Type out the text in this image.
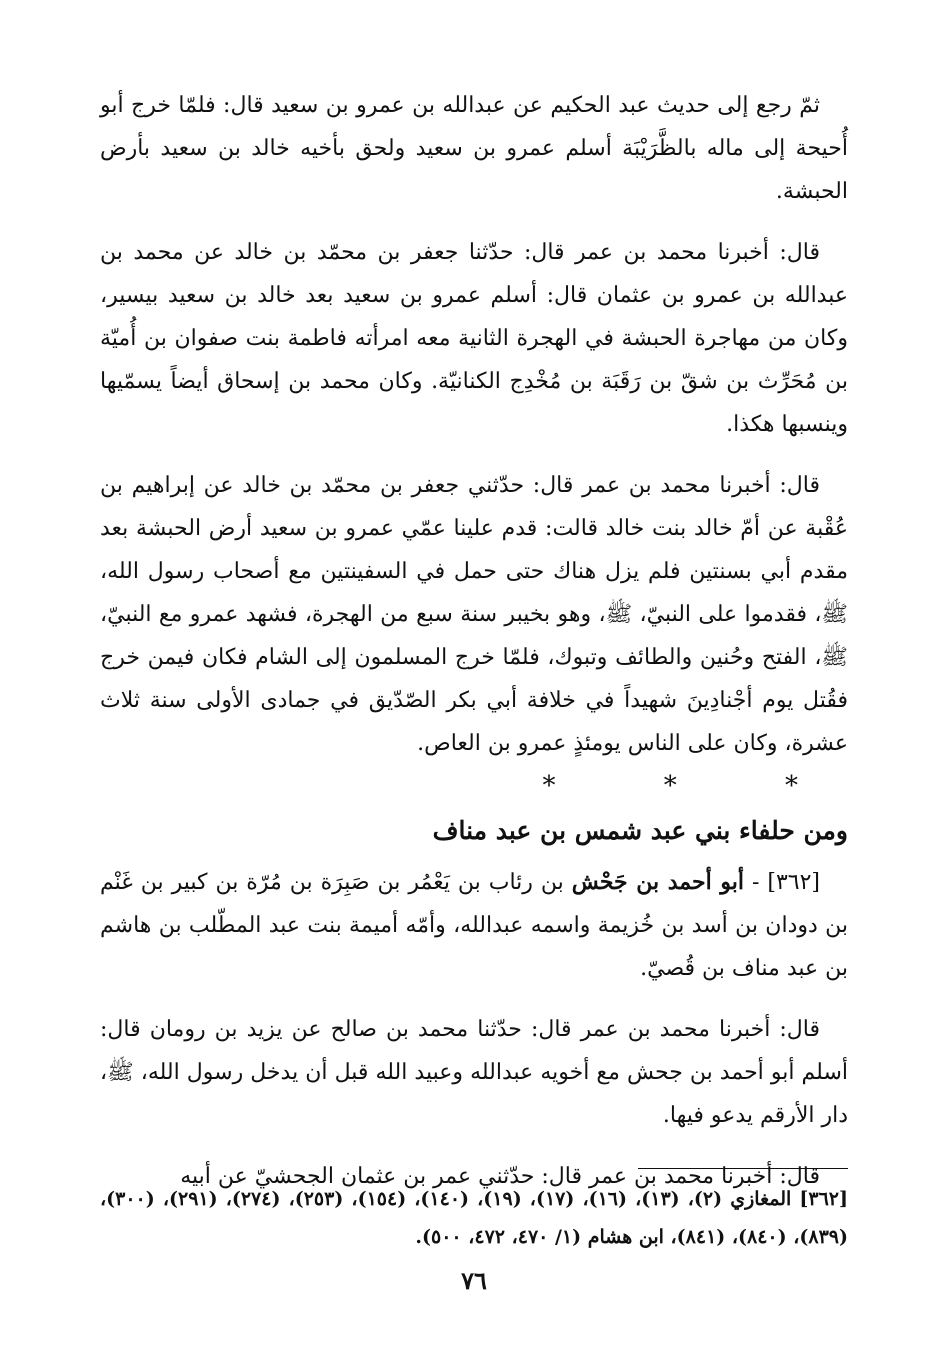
ثمّ رجع إلى حديث عبد الحكيم عن عبدالله بن عمرو بن سعيد قال: فلمّا خرج أبو أُحيحة إلى ماله بالظَّرَيْبَة أسلم عمرو بن سعيد ولحق بأخيه خالد بن سعيد بأرض الحبشة.

قال: أخبرنا محمد بن عمر قال: حدّثنا جعفر بن محمّد بن خالد عن محمد بن عبدالله بن عمرو بن عثمان قال: أسلم عمرو بن سعيد بعد خالد بن سعيد بيسير، وكان من مهاجرة الحبشة في الهجرة الثانية معه امرأته فاطمة بنت صفوان بن أُميّة بن مُحَرِّث بن شقّ بن رَقَبَة بن مُخْدِج الكنانيّة. وكان محمد بن إسحاق أيضاً يسمّيها وينسبها هكذا.

قال: أخبرنا محمد بن عمر قال: حدّثني جعفر بن محمّد بن خالد عن إبراهيم بن عُقْبة عن أمّ خالد بنت خالد قالت: قدم علينا عمّي عمرو بن سعيد أرض الحبشة بعد مقدم أبي بسنتين فلم يزل هناك حتى حمل في السفينتين مع أصحاب رسول الله، ﷺ، فقدموا على النبيّ، ﷺ، وهو بخيبر سنة سبع من الهجرة، فشهد عمرو مع النبيّ، ﷺ، الفتح وحُنين والطائف وتبوك، فلمّا خرج المسلمون إلى الشام فكان فيمن خرج فقُتل يوم أجْنادِينَ شهيداً في خلافة أبي بكر الصّدّيق في جمادى الأولى سنة ثلاث عشرة، وكان على الناس يومئذٍ عمرو بن العاص.

* * *
ومن حلفاء بني عبد شمس بن عبد مناف

[٣٦٢] - أبو أحمد بن جَحْش بن رئاب بن يَعْمُر بن صَبِرَة بن مُرّة بن كبير بن غَنْم بن دودان بن أسد بن خُزيمة واسمه عبدالله، وأمّه أميمة بنت عبد المطّلب بن هاشم بن عبد مناف بن قُصيّ.

قال: أخبرنا محمد بن عمر قال: حدّثنا محمد بن صالح عن يزيد بن رومان قال: أسلم أبو أحمد بن جحش مع أخويه عبدالله وعبيد الله قبل أن يدخل رسول الله، ﷺ، دار الأرقم يدعو فيها.

قال: أخبرنا محمد بن عمر قال: حدّثني عمر بن عثمان الجحشيّ عن أبيه

[٣٦٢] المغازي (٢)، (١٣)، (١٦)، (١٧)، (١٩)، (١٤٠)، (١٥٤)، (٢٥٣)، (٢٧٤)، (٢٩١)، (٣٠٠)، (٨٣٩)، (٨٤٠)، (٨٤١)، ابن هشام (١/ ٤٧٠، ٤٧٢، ٥٠٠).
٧٦
